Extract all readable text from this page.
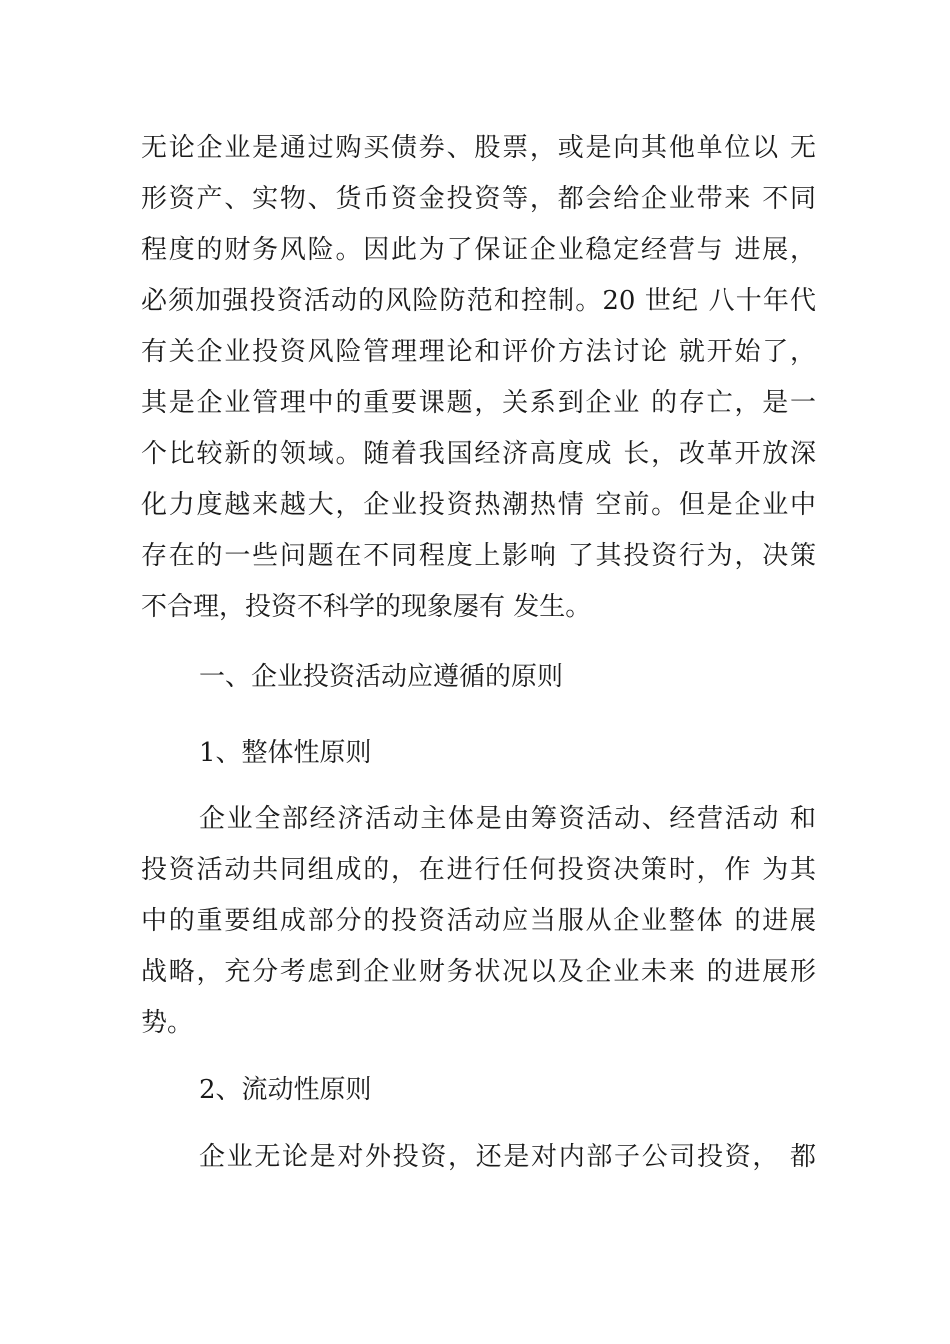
无论企业是通过购买债券、股票，或是向其他单位以 无
形资产、实物、货币资金投资等，都会给企业带来 不同
程度的财务风险。因此为了保证企业稳定经营与 进展，
必须加强投资活动的风险防范和控制。20 世纪 八十年代
有关企业投资风险管理理论和评价方法讨论 就开始了，
其是企业管理中的重要课题，关系到企业 的存亡，是一
个比较新的领域。随着我国经济高度成 长，改革开放深
化力度越来越大，企业投资热潮热情 空前。但是企业中
存在的一些问题在不同程度上影响 了其投资行为，决策
不合理，投资不科学的现象屡有 发生。
一、企业投资活动应遵循的原则
1、整体性原则
企业全部经济活动主体是由筹资活动、经营活动 和
投资活动共同组成的，在进行任何投资决策时，作 为其
中的重要组成部分的投资活动应当服从企业整体 的进展
战略，充分考虑到企业财务状况以及企业未来 的进展形
势。
2、流动性原则
企业无论是对外投资，还是对内部子公司投资， 都
